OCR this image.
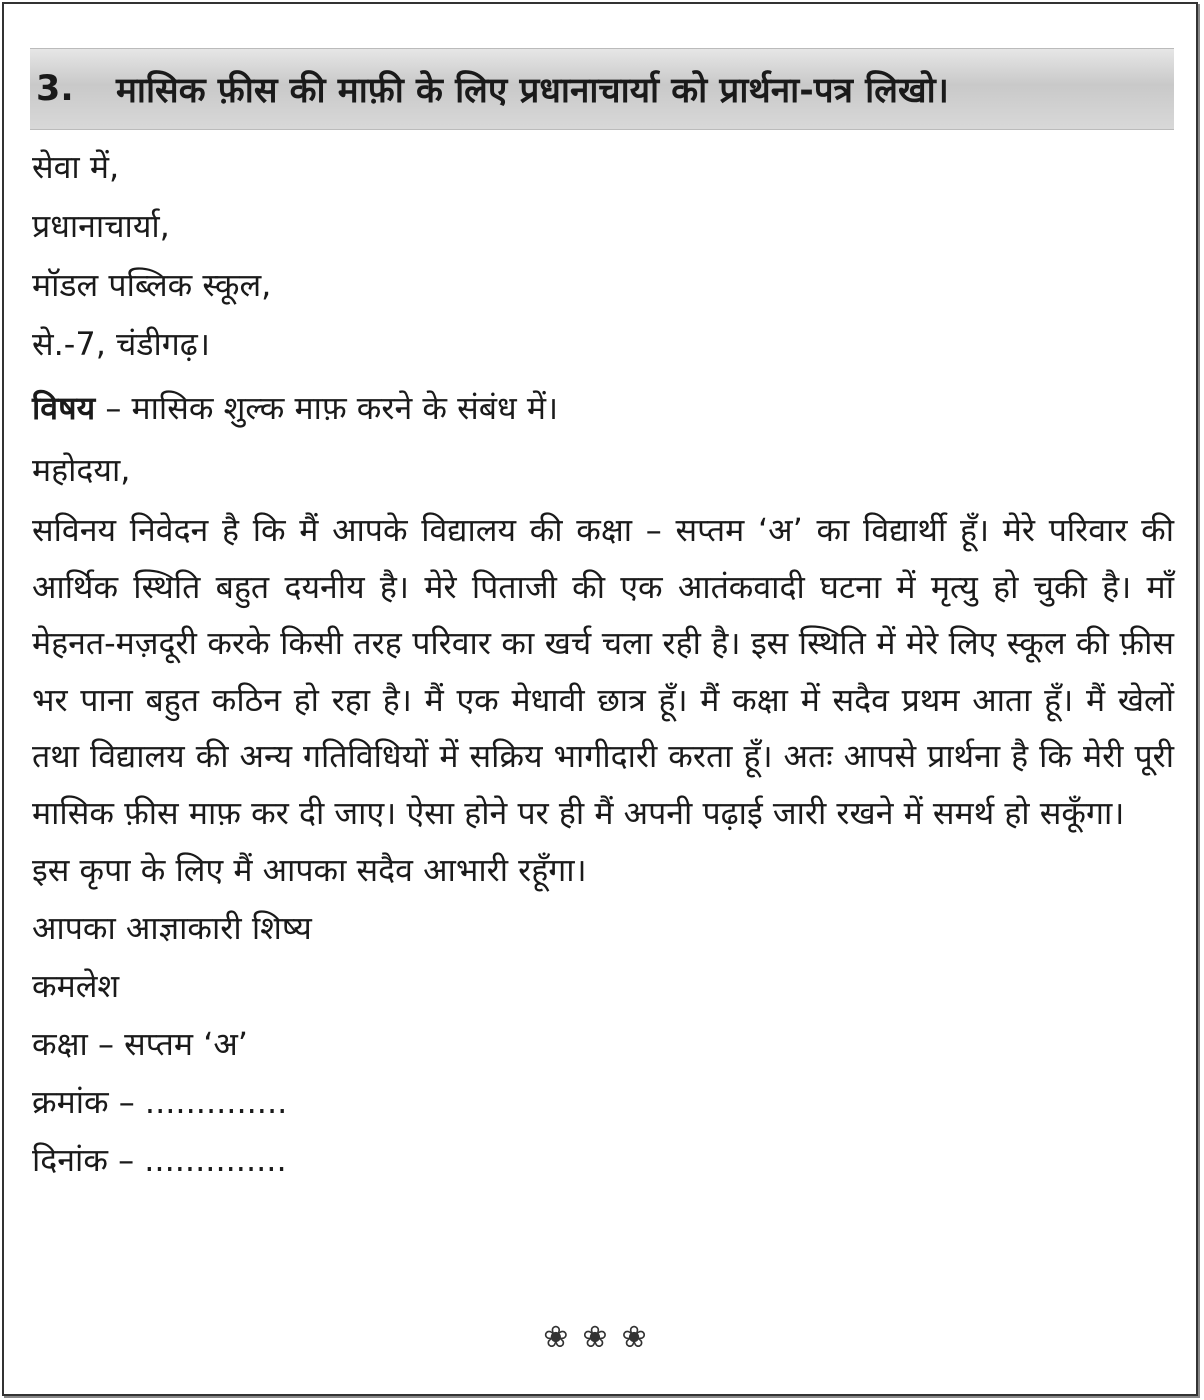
3.	मासिक फ़ीस की माफ़ी के लिए प्रधानाचार्या को प्रार्थना-पत्र लिखो।
सेवा में,
प्रधानाचार्या,
मॉडल पब्लिक स्कूल,
से.-7, चंडीगढ़।
विषय – मासिक शुल्क माफ़ करने के संबंध में।
महोदया,
सविनय निवेदन है कि मैं आपके विद्यालय की कक्षा – सप्तम ‘अ’ का विद्यार्थी हूँ। मेरे परिवार की आर्थिक स्थिति बहुत दयनीय है। मेरे पिताजी की एक आतंकवादी घटना में मृत्यु हो चुकी है। माँ मेहनत-मज़दूरी करके किसी तरह परिवार का खर्च चला रही है। इस स्थिति में मेरे लिए स्कूल की फ़ीस भर पाना बहुत कठिन हो रहा है। मैं एक मेधावी छात्र हूँ। मैं कक्षा में सदैव प्रथम आता हूँ। मैं खेलों तथा विद्यालय की अन्य गतिविधियों में सक्रिय भागीदारी करता हूँ। अतः आपसे प्रार्थना है कि मेरी पूरी मासिक फ़ीस माफ़ कर दी जाए। ऐसा होने पर ही मैं अपनी पढ़ाई जारी रखने में समर्थ हो सकूँगा।
इस कृपा के लिए मैं आपका सदैव आभारी रहूँगा।
आपका आज्ञाकारी शिष्य
कमलेश
कक्षा – सप्तम ‘अ’
क्रमांक – ..............
दिनांक – ..............
❀❀❀
